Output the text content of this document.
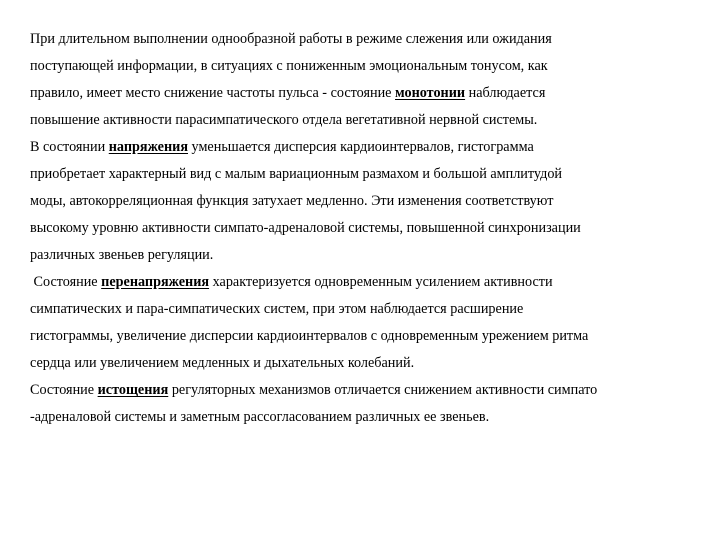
При длительном выполнении однообразной работы в режиме слежения или ожидания
поступающей информации, в ситуациях с пониженным эмоциональным тонусом, как
правило, имеет место снижение частоты пульса - состояние монотонии наблюдается
повышение активности парасимпатического отдела вегетативной нервной системы.
В состоянии напряжения уменьшается дисперсия кардиоинтервалов, гистограмма
приобретает характерный вид с малым вариационным размахом и большой амплитудой
моды, автокорреляционная функция затухает медленно. Эти изменения соответствуют
высокому уровню активности симпато-адреналовой системы, повышенной синхронизации
различных звеньев регуляции.
Состояние перенапряжения характеризуется одновременным усилением активности
симпатических и пара-симпатических систем, при этом наблюдается расширение
гистограммы, увеличение дисперсии кардиоинтервалов с одновременным урежением ритма
сердца или увеличением медленных и дыхательных колебаний.
Состояние истощения регуляторных механизмов отличается снижением активности симпато
-адреналовой системы и заметным рассогласованием различных ее звеньев.
